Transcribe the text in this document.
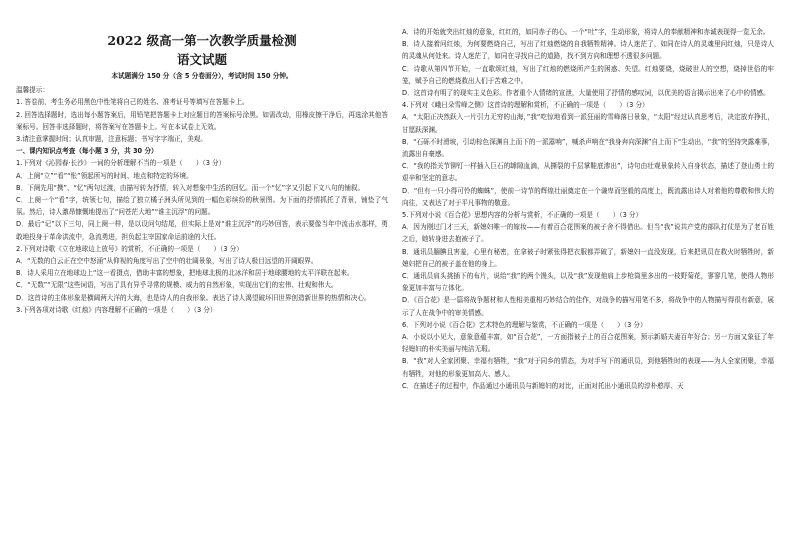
2022 级高一第一次教学质量检测
语文试题
本试题满分 150 分（含 5 分卷面分），考试时间 150 分钟。

温馨提示：

1. 答卷前，考生务必用黑色中性笔将自己的姓名、准考证号等填写在答题卡上。

2. 回答选择题时，选出每小题答案后，用铅笔把答题卡上对应题目的答案标号涂黑。如需改动，用橡皮擦干净后，再选涂其他答案标号。回答非选择题时，将答案写在答题卡上。写在本试卷上无效。

3.请注意掌握时间；认真审题，注意标题；书写字字端正，美观。

一、课内知识点考查（每小题 3 分，共 30 分）

1.下列对《沁园春·长沙》一词的分析理解不当的一项是（　　）（3 分）

A．上阕“立”“看”“怅”领起所写的时间、地点和特定的环境。

B．下阕先用“携”、“忆”两句过渡，由描写转为抒情，转入对想象中生活的回忆。而一个“忆”字又引起下文八句的铺叙。

C．上阕一个“看”字，统领七句，描绘了独立橘子洲头所见到的一幅色彩缤纷的秋景图。为下面的抒情抓托了背景，铺垫了气氛。然后，诗人激昂慷慨地提出了“问苍茫大地”“谁主沉浮”的问题。

D．最后“记”以下三句，同上阕一样，是以设问句结尾，但实际上是对“谁主沉浮”的巧妙回答，表示要像当年中流击水那样，勇敢地投身于革命洪流中，急流勇进，担负起主宰国家命运前途的大任。

2.下列对诗歌《立在地球边上放号》的赏析，不正确的一项是（　　）（3 分）

A．“无数的白云正在空中怒涌”从仰视的角度写出了空中的壮阔景象，写出了诗人极目远望的开阔眼界。

B．诗人采用立在地球边上“这一看摄点，借助丰富的想象，把地球北极的北冰洋和居于地球腰地的太平洋联在起来。

C．“无数”“无限”这些词语，写出了具有异乎寻常的规模、威力的自然形象，实现出它们的宏伟、壮观和伟大。

D．这首诗的主体形象是横阔两大洋的大海，也是诗人的自我形象。表达了诗人渴望破坏旧世界创造新世界的热情和决心。

3.下列各项对诗歌《红烛》内容理解不正确的一项是（　　）（3 分）

A．诗的开始就突出红烛的意象，红红的，如同赤子的心。一个“吐”字，生动形象，将诗人的奉献精神和赤诚表现得一览无余。

B．诗人接着问红烛，为何要燃烧自己，写出了红烛燃烧的自我牺牲精神。诗人迷茫了，如同在诗人的灵魂里问红烛，只是诗人的灵魂从何处来。诗人迷茫了，如同在寻找自己的道路，找不到方向和理想不透很多问题。

C．诗歌从第四节开始，一直歌颂红烛，写出了红烛的燃烧所产生的困惑、失望。红烛要烧，烧破世人的空想，烧掉世俗的牢笼，赋予自己的燃烧救出人们于苦难之中。

D．这首诗有明了的现实主义色彩。作者重个人情绪的宣泄，大量使用了抒情的感叹词，以优美的语言揭示出来了心中的情感。

4.下列对《峨日朵雪峰之侧》这首诗的理解和赏析，不正确的一项是（　　）（3 分）

A．“太阳正决然跃入一片引力无穷的山海，”我“吃惊地看到一派狂丽的雪峰落日景象，“太阳”经过认真思考后，决定放弃挣扎，甘愿跃深渊。

B．“石砾不时滑坡，引动棕色深渊自上而下的一派嚣响”，喊杀声响在“我身奔向深渊”自上而下“生动出，“我”的坚持突露难事，流露出自豪感。

C．“我的指关节铆钉一样插入巨石的罅隙血滴，从撕裂的千层掌鞋底渗出”，诗句由壮观景象转入自身状态，描述了登山勇士的艰辛和坚定的意志。

D．“但有一只小得可怜的蜘蛛”，使前一诗节的辉煌壮丽奠定在一个谦卑而坚毅的高度上，既流露出诗人对着他的尊敬和伟大的向往，又表达了对于平凡事物的敬意。

5.下列对小说《百合花》思想内容的分析与赏析，不正确的一项是（　　）（3 分）

A．因为刚过门才三天，新媳妇唯一的嫁妆——有着百合花图案的被子舍不得借出。但当“我”说共产党的部队打仗是为了老百姓之后，她转身进去抱被子了。

B．通讯员腼腆且害羞，心里有秘密，在拿被子时紧张得把衣服都弄破了，新媳妇一直没发现，后来把讯员在救火时牺牲时，新媳妇把自己的被子盖在他的身上。

C．通讯员肩头挑插下的布片，说给“我”的两个馒头，以及“我”发现他肩上步枪筒里多出的一枝野菊花，寥寥几笔，使得人物形象更加丰富与立体化。

D．《百合花》是一篇将战争题材和人性相美重相巧妙结合的佳作，对战争的描写用笔不多，将战争中的人物描写得很有新意，展示了人在战争中的审美情感。

6．下列对小说《百合花》艺术特色的理解与鉴赏，不正确的一项是（　　）（3 分）

A．小说以小见大，意象意蕴丰富，如“百合花”，一方面指被子上的百合花图案，预示新婚夫妻百年好合；另一方面又象征了年轻媳妇的朴实美丽与纯洁无瑕。

B．“我”对人全家团聚、幸福有牺牲，“我”对于同乡的情态，为对手写下的通讯员，到他牺牲时的表现——为人全家团聚，幸福有牺牲，对他的形象更加高大、感人。

C．在描述子的过程中，作品通过小通讯员与新媳妇的对比，正面对托出小通讯员的淳朴憨厚、天
